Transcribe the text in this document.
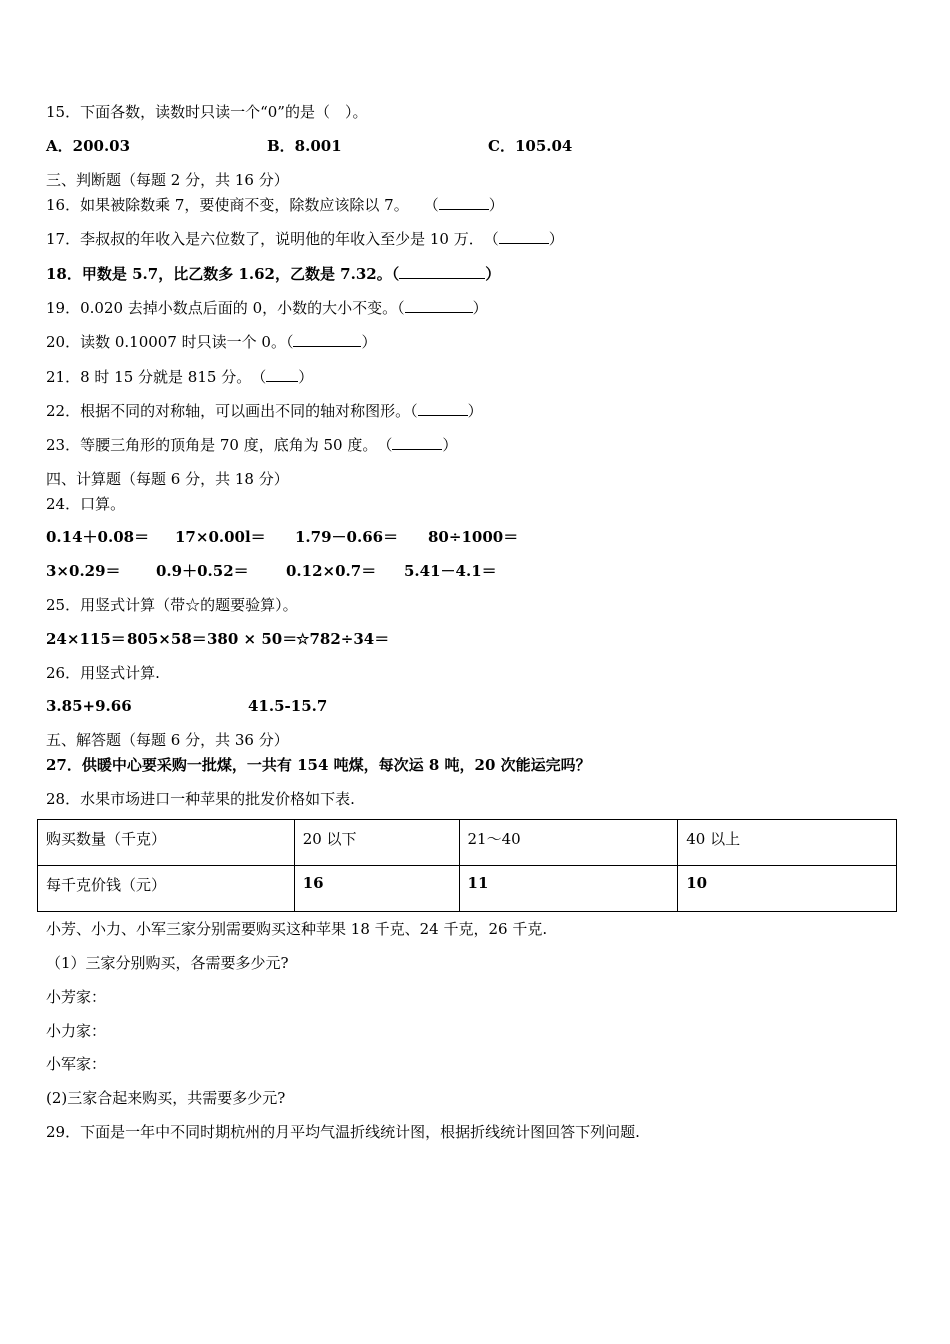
15．下面各数，读数时只读一个“0”的是（　）。
A．200.03	B．8.001	C．105.04
三、判断题（每题 2 分，共 16 分）
16．如果被除数乘 7，要使商不变，除数应该除以 7。　　（	）
17．李叔叔的年收入是六位数了，说明他的年收入至少是 10 万．　（	）
18．甲数是 5.7，比乙数多 1.62，乙数是 7.32。（	）
19．0.020 去掉小数点后面的 0，小数的大小不变。（	）
20．读数 0.10007 时只读一个 0。（	）
21．8 时 15 分就是 815 分。　（ ）
22．根据不同的对称轴，可以画出不同的轴对称图形。（	）
23．等腰三角形的顶角是 70 度，底角为 50 度。　（	）
四、计算题（每题 6 分，共 18 分）
24．口算。
0.14＋0.08＝ 17×0.00l＝ 1.79－0.66＝ 80÷1000＝
3×0.29＝ 0.9＋0.52＝ 0.12×0.7＝ 5.41－4.1＝
25．用竖式计算（带☆的题要验算）。
24×115＝ 805×58＝ 380 × 50＝
☆782÷34＝
26．用竖式计算.
3.85+9.66	41.5-15.7
五、解答题（每题 6 分，共 36 分）
27．供暖中心要采购一批煤，一共有 154 吨煤，每次运 8 吨，20 次能运完吗？
28．水果市场进口一种苹果的批发价格如下表.
购买数量（千克）	20 以下	21～40	40 以上
每千克价钱（元）	16	11	10
小芳、小力、小军三家分别需要购买这种苹果 18 千克、24 千克，26 千克.
（1）三家分别购买，各需要多少元?
小芳家：
小力家：
小军家：
(2)三家合起来购买，共需要多少元?
29．下面是一年中不同时期杭州的月平均气温折线统计图，根据折线统计图回答下列问题.
